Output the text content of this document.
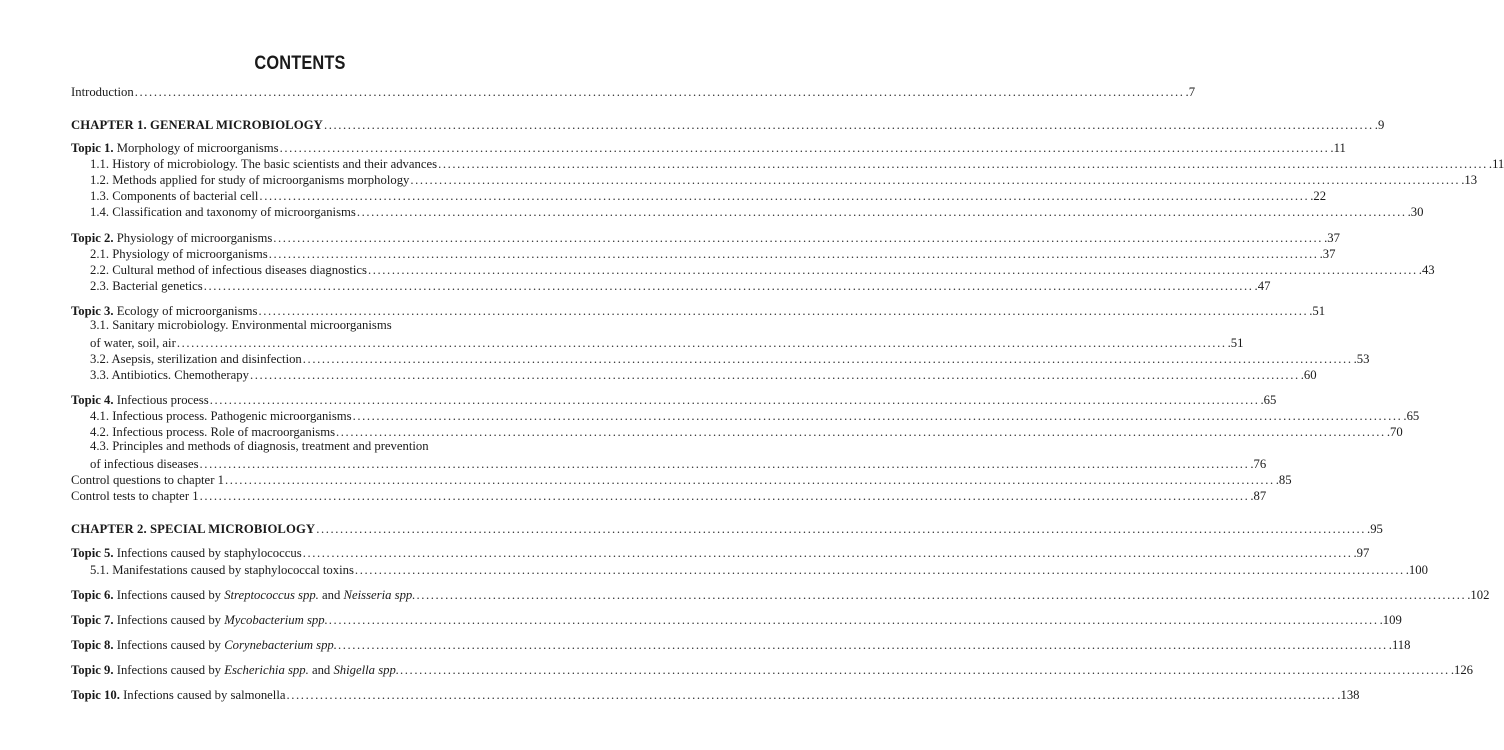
CONTENTS
Introduction ............................................................................................................................................................................................................................ .7
CHAPTER 1. GENERAL MICROBIOLOGY ............................................................................................................................................................................................................................ .9
Topic 1. Morphology of microorganisms ............................................................................................................................................................................................................................ .11
1.1. History of microbiology. The basic scientists and their advances ............................................................................................................................................................................................................................ .11
1.2. Methods applied for study of microorganisms morphology ............................................................................................................................................................................................................................ .13
1.3. Components of bacterial cell ............................................................................................................................................................................................................................ .22
1.4. Classification and taxonomy of microorganisms ............................................................................................................................................................................................................................ .30
Topic 2. Physiology of microorganisms ............................................................................................................................................................................................................................ .37
2.1. Physiology of microorganisms ............................................................................................................................................................................................................................ .37
2.2. Cultural method of infectious diseases diagnostics ............................................................................................................................................................................................................................ .43
2.3. Bacterial genetics ............................................................................................................................................................................................................................ .47
Topic 3. Ecology of microorganisms ............................................................................................................................................................................................................................ .51
3.1. Sanitary microbiology. Environmental microorganisms
of water, soil, air ............................................................................................................................................................................................................................ .51
3.2. Asepsis, sterilization and disinfection ............................................................................................................................................................................................................................ .53
3.3. Antibiotics. Chemotherapy ............................................................................................................................................................................................................................ .60
Topic 4. Infectious process ............................................................................................................................................................................................................................ .65
4.1. Infectious process. Pathogenic microorganisms ............................................................................................................................................................................................................................ .65
4.2. Infectious process. Role of macroorganisms ............................................................................................................................................................................................................................ .70
4.3. Principles and methods of diagnosis, treatment and prevention
of infectious diseases ............................................................................................................................................................................................................................ .76
Control questions to chapter 1 ............................................................................................................................................................................................................................ .85
Control tests to chapter 1 ............................................................................................................................................................................................................................ .87
CHAPTER 2. SPECIAL MICROBIOLOGY ............................................................................................................................................................................................................................ .95
Topic 5. Infections caused by staphylococcus ............................................................................................................................................................................................................................ .97
5.1. Manifestations caused by staphylococcal toxins ............................................................................................................................................................................................................................ .100
Topic 6. Infections caused by Streptococcus spp. and Neisseria spp. ............................................................................................................................................................................................................................ .102
Topic 7. Infections caused by Mycobacterium spp. ............................................................................................................................................................................................................................ .109
Topic 8. Infections caused by Corynebacterium spp. ............................................................................................................................................................................................................................ .118
Topic 9. Infections caused by Escherichia spp. and Shigella spp. ............................................................................................................................................................................................................................ .126
Topic 10. Infections caused by salmonella ............................................................................................................................................................................................................................ .138
